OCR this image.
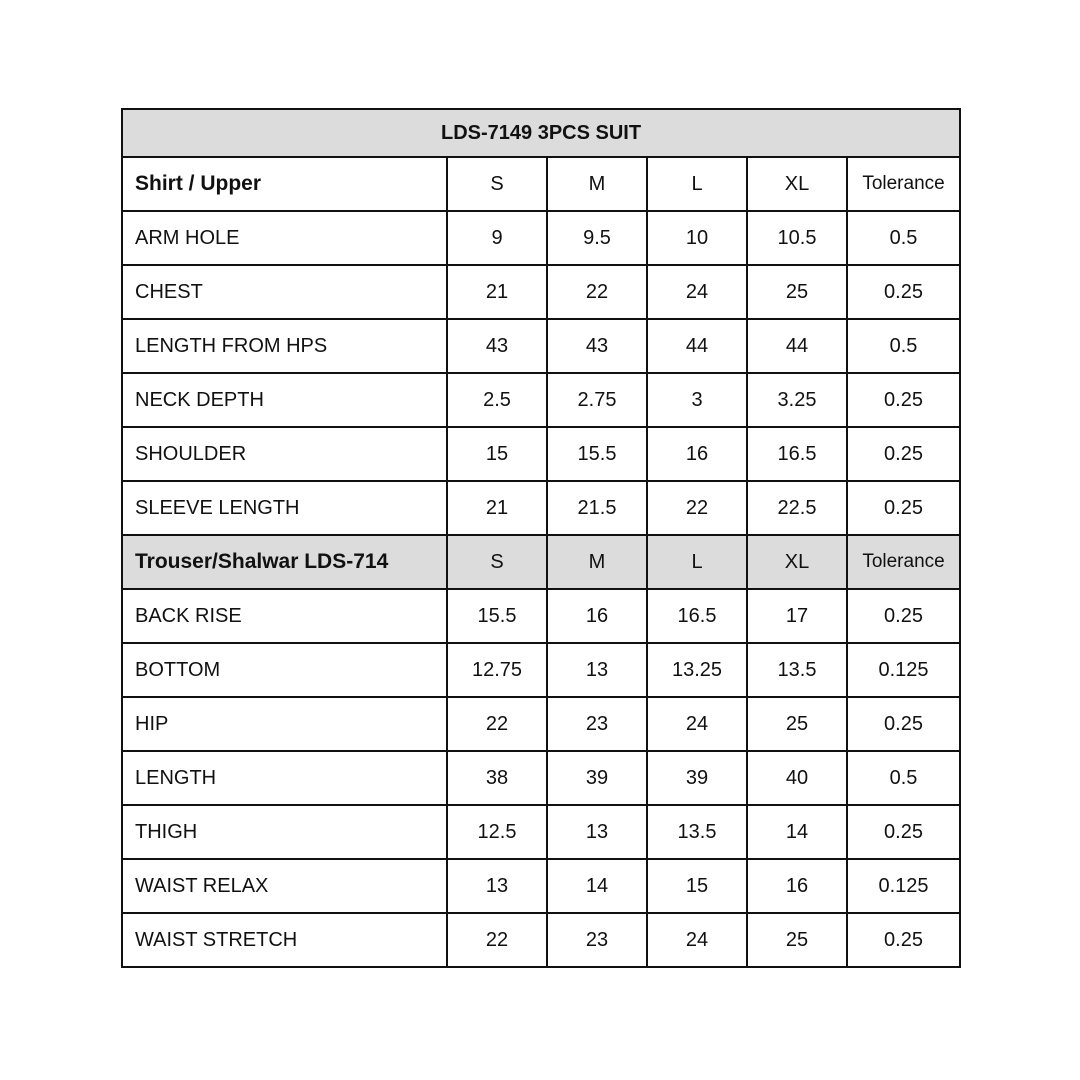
LDS-7149 3PCS SUIT					
Shirt / Upper	S	M	L	XL	Tolerance
ARM HOLE	9	9.5	10	10.5	0.5
CHEST	21	22	24	25	0.25
LENGTH FROM HPS	43	43	44	44	0.5
NECK DEPTH	2.5	2.75	3	3.25	0.25
SHOULDER	15	15.5	16	16.5	0.25
SLEEVE LENGTH	21	21.5	22	22.5	0.25
Trouser/Shalwar LDS-714	S	M	L	XL	Tolerance
BACK RISE	15.5	16	16.5	17	0.25
BOTTOM	12.75	13	13.25	13.5	0.125
HIP	22	23	24	25	0.25
LENGTH	38	39	39	40	0.5
THIGH	12.5	13	13.5	14	0.25
WAIST RELAX	13	14	15	16	0.125
WAIST STRETCH	22	23	24	25	0.25
